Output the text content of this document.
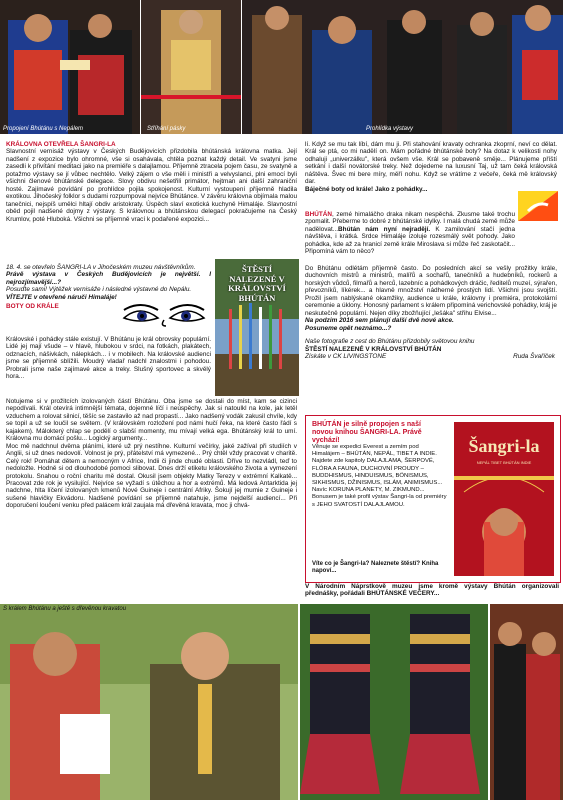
Propojení Bhútánu s Nepálem	Stříhání pásky	Prohlídka výstavy

KRÁLOVNA OTEVŘELA ŠANGRI-LA

Slavnostní vernisáž výstavy v Českých Budějovicích přizdobila bhútánská královna matka. Její nadšení z expozice bylo ohromné, vše si osahávala, chtěla poznat každý detail. Ve svatyni jsme zasedli k přivítání meditaci jako na premiéře s dalajlamou. Příjemně ztracela pojem času, ze svatyně a potažmo výstavy se jí vůbec nechtělo. Velký zájem o vše měli i ministři a velvyslanci, plni emocí byli všichni členové bhútánské delegace. Slovy obdivu nešetřili primátor, hejtman ani další zahraniční hosté. Zajímavé povídání po prohlídce pojila spokojenost. Kulturní vystoupení příjemně hladila exotikou. Jihočeský folklor s dudami rozpumpoval nejvíce Bhútánce. V závěru královna objímala malou tanečnici, nejspíš umělci hltají obdiv aristokraty. Úspěch slaví exotická kuchyně Himaláje. Slavnostní oběd pojil nadšené dojmy z výstavy. S královnou a bhútánskou delegací pokračujeme na Český Krumlov, poté Hluboká. Všichni se příjemně vrací k podařené expozici...

18. 4. se otevřelo ŠANGRI-LA v Jihočeském muzeu návštěvníkům.

Právě výstava v Českých Budějovicích je největší. I nejrozjímavější...?

Posuďte sami! Výtěžek vernisáže i následné výstavné do Nepálu.

VÍTEJTE v otevřené náruči Himaláje!

BOTY OD KRÁLE

Královské i pohádky stále existují. V Bhútánu je král obrovsky populární. Lidé jej mají všude – v hlavě, hlubokou v srdci, na fotkách, plakátech, odznacích, nášivkách, nálepkách... i v mobilech. Na královské audienci jsme se příjemně sblížili. Moudrý vladař nadchl znalostmi i pohodou. Probrali jsme naše zajímavé akce a treky. Slušný sportovec a skvělý hora...

ŠTĚSTÍ NALEZENÉ V KRÁLOVSTVÍ BHÚTÁN

Notujeme si v prožitcích izolovaných částí Bhútánu. Oba jsme se dostali do míst, kam se cizinci nepodívali. Král otevírá intimnější témata, dojemné líčí i neúspěchy. Jak si natoulkl na kole, jak letěl vzduchem a rolovat silnicí, těšíc se zastavilo až nad propastí... Jako nadšený vodák zakusil chvíle, kdy se topil a už se loučil se světem. (V královském rozložení pod námi hučí řeka, na které často řádí s kajakem). Málokterý chlap se podělí o slabší momenty, mu mívají velká ega. Bhútánský král to umí. Královna mu domácí pošlu... Logický argumenty...

Moc mě nadchnul dvěma pláními, které už prý nestíhne. Kulturní večírky, jaké zažíval při studiích v Anglii, si už dnes nedovolí. Volnost je prý, přátelství má vymezené... Prý chtěl vždy pracovat v charitě. Celý rok! Pomáhat dětem a nemocným v Africe, Indii či jinde chudé oblasti. Dříve to nezvládl, teď to nedoložte. Hodně si od dlouhodobé pomoci slibovat. Dnes drží etiketu královského života a vymezení protokolu. Snahou o roční charitu mě dostal. Okusil jsem objekty Matky Terezy v extrémní Kalkatě... Pracovat zde rok je vysilující. Nejvíce se vyžadí s útěchou a hor a extrémů. Má ledová Antarktida jej nadchne, hlta líčení izolovaných kmenů Nové Guineje i centrální Afriky. Šokují jej mumie z Guineje i sušené hlavičky Ekvádoru. Nadšené povídání se příjemně natahuje, jsme nejdelší audiencí... Při doporučení loučení venku před palácem král zaujala má dřevěná kravata, moc ji chvá-

lí. Když se mu tak líbí, dám mu ji. Při stahování kravaty ochranka zkoprní, neví co dělat. Král se ptá, co mi nadělí on. Mám pořádné bhútánské boty? Na dotaz k velikosti nohy odhaluji „univerzálku", která ovšem vše. Král se pobaveně směje... Plánujeme příští setkání i další novátorské treky. Než dojedeme na luxusní Taj, už tam čeká královská náštěva. Švec mi bere míry, měří nohu. Když se vrátíme z večeře, čeká mě královský dar.

Báječné boty od krále! Jako z pohádky...

BHÚTÁN, zemé himaláčho draka nikam nespěchá. Zkusme také trochu zpomalit. Přeberme to dobré z bhútánské idylky. I malá chudá země může nadělovat...Bhútán nám nyní nejradějí. K zamilování stačí jedna návštěva, i krátká. Srdce Himaláje izoluje rozesmálý svět pohody. Jako pohádka, kde až za hranicí země krále Miroslava si může řeč zaskotačit... Připomíná vám to něco?

Do Bhútánu odlétám příjemně často. Do posledních akcí se vešly prožitky krále, duchovních mistrů a ministrů, malířů a sochařů, tanečníků a hudebníků, rockerů a horských vůdců, filmařů a herců, lazebníc a pohádkových dráčic, ředitelů muzeí, sýrařen, převozníků, líkérek... a hlavně množství nádherné prostých lidí. Všichni jsou svojští. Prožil jsem nablýskané okamžiky, audience u krále, královny i premiéra, protokolární ceremonie a úklony. Honosný parlament s králem připomíná verichovské pohádky, kráj je neskutečně populární. Nejen díky zbožňující „lešáka" střihu Elvise...

Na podzim 2016 sem plánují další dvě nové akce.

Posuneme opět neznámo...?

Naše fotografie z cest do Bhútánu přizdobily světovou knihu

ŠTĚSTÍ NALEZENÉ V KRÁLOVSTVÍ BHÚTÁN

Získáte v CK LIVINGSTONE	Ruda Švaříček

BHÚTÁN je silně propojen s naší novou knihou ŠANGRI-LA. Právě vychází!
Věnuje se expedici Everest a zemím pod Himalájem – BHÚTÁN, NEPÁL, TIBET A INDIE. Najdete zde kapitoly DALAJLAMA, ŠERPOVÉ, FLÓRA A FAUNA, DUCHOVNÍ PROUDY – BUDDHISMUS, HINDUISMUS, BÖNISMUS, SIKHISMUS, DŽINISMUS, ISLÁM, ANIMISMUS... Navíc KORUNA PLANETY, M. ZIKMUND... Bonusem je také profil výstav Šangri-la od premiéry s JEHO SVATOSTÍ DALAJLAMOU.
Víte co je Šangri-la? Naleznete štěstí? Kniha napoví...
Šangri-la
NEPÁL TIBET BHÚTÁN INDIE

V Národním Náprstkově muzeu jsme kromě výstavy Bhútán organizovali přednášky, pořádali BHÚTÁNSKÉ VEČERY...

S králem Bhútánu a ještě s dřevěnou kravatou
